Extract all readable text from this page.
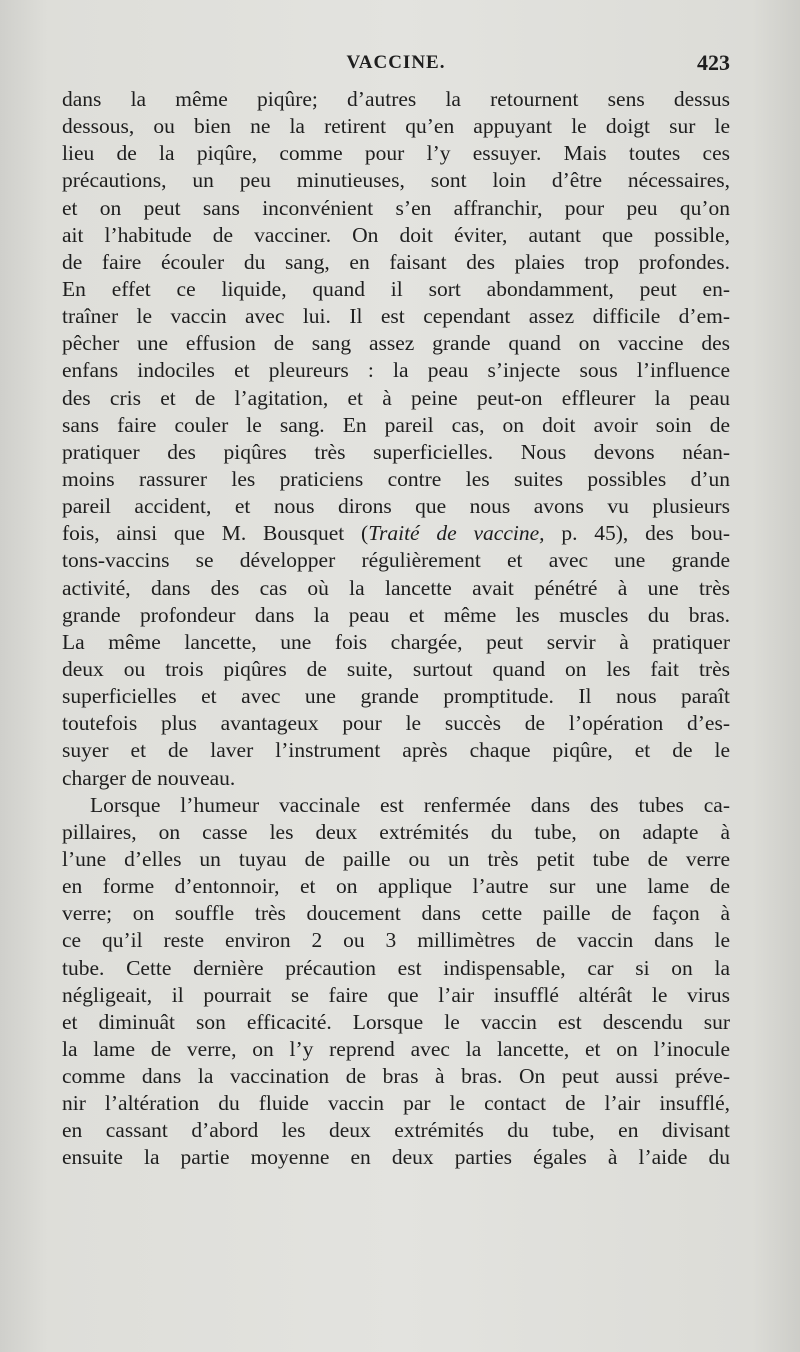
VACCINE.	423
dans la même piqûre; d’autres la retournent sens dessus
dessous, ou bien ne la retirent qu’en appuyant le doigt sur le
lieu de la piqûre, comme pour l’y essuyer. Mais toutes ces
précautions, un peu minutieuses, sont loin d’être nécessaires,
et on peut sans inconvénient s’en affranchir, pour peu qu’on
ait l’habitude de vacciner. On doit éviter, autant que possible,
de faire écouler du sang, en faisant des plaies trop profondes.
En effet ce liquide, quand il sort abondamment, peut en-
traîner le vaccin avec lui. Il est cependant assez difficile d’em-
pêcher une effusion de sang assez grande quand on vaccine des
enfans indociles et pleureurs : la peau s’injecte sous l’influence
des cris et de l’agitation, et à peine peut-on effleurer la peau
sans faire couler le sang. En pareil cas, on doit avoir soin de
pratiquer des piqûres très superficielles. Nous devons néan-
moins rassurer les praticiens contre les suites possibles d’un
pareil accident, et nous dirons que nous avons vu plusieurs
fois, ainsi que M. Bousquet (Traité de vaccine, p. 45), des bou-
tons-vaccins se développer régulièrement et avec une grande
activité, dans des cas où la lancette avait pénétré à une très
grande profondeur dans la peau et même les muscles du bras.
La même lancette, une fois chargée, peut servir à pratiquer
deux ou trois piqûres de suite, surtout quand on les fait très
superficielles et avec une grande promptitude. Il nous paraît
toutefois plus avantageux pour le succès de l’opération d’es-
suyer et de laver l’instrument après chaque piqûre, et de le
charger de nouveau.
Lorsque l’humeur vaccinale est renfermée dans des tubes ca-
pillaires, on casse les deux extrémités du tube, on adapte à
l’une d’elles un tuyau de paille ou un très petit tube de verre
en forme d’entonnoir, et on applique l’autre sur une lame de
verre; on souffle très doucement dans cette paille de façon à
ce qu’il reste environ 2 ou 3 millimètres de vaccin dans le
tube. Cette dernière précaution est indispensable, car si on la
négligeait, il pourrait se faire que l’air insufflé altérât le virus
et diminuât son efficacité. Lorsque le vaccin est descendu sur
la lame de verre, on l’y reprend avec la lancette, et on l’inocule
comme dans la vaccination de bras à bras. On peut aussi préve-
nir l’altération du fluide vaccin par le contact de l’air insufflé,
en cassant d’abord les deux extrémités du tube, en divisant
ensuite la partie moyenne en deux parties égales à l’aide du
